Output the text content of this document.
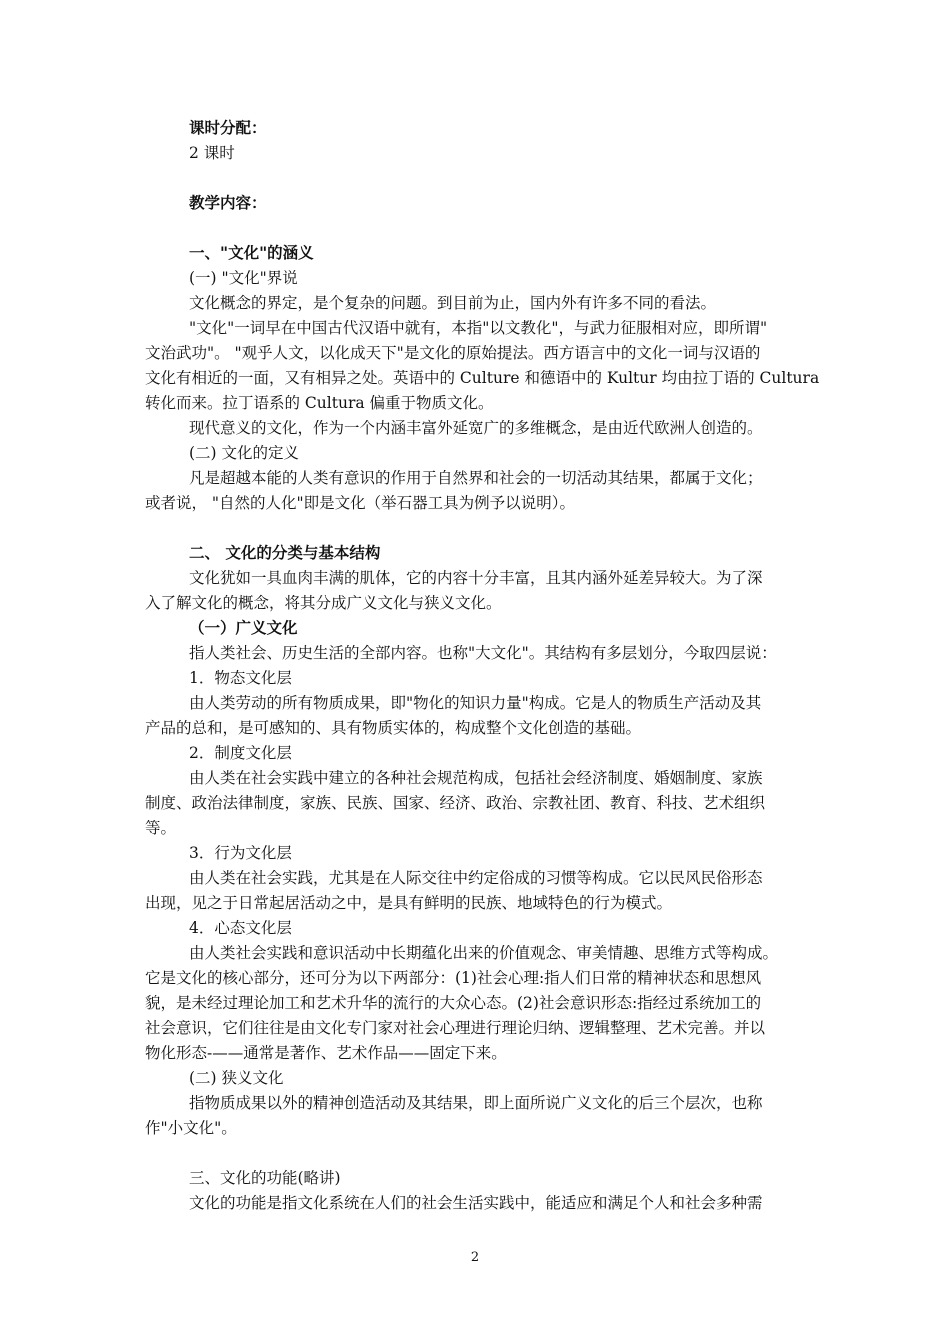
课时分配：
2 课时
教学内容：
一、"文化"的涵义
(一) "文化"界说
文化概念的界定，是个复杂的问题。到目前为止，国内外有许多不同的看法。
"文化"一词早在中国古代汉语中就有，本指"以文教化"，与武力征服相对应，即所谓"
文治武功"。 "观乎人文，以化成天下"是文化的原始提法。西方语言中的文化一词与汉语的
文化有相近的一面，又有相异之处。英语中的 Culture 和德语中的 Kultur 均由拉丁语的 Cultura
转化而来。拉丁语系的 Cultura 偏重于物质文化。
现代意义的文化，作为一个内涵丰富外延宽广的多维概念，是由近代欧洲人创造的。
(二) 文化的定义
凡是超越本能的人类有意识的作用于自然界和社会的一切活动其结果，都属于文化；
或者说， "自然的人化"即是文化（举石器工具为例予以说明）。
二、 文化的分类与基本结构
文化犹如一具血肉丰满的肌体，它的内容十分丰富，且其内涵外延差异较大。为了深
入了解文化的概念，将其分成广义文化与狭义文化。
（一）广义文化
指人类社会、历史生活的全部内容。也称"大文化"。其结构有多层划分，今取四层说：
1．物态文化层
由人类劳动的所有物质成果，即"物化的知识力量"构成。它是人的物质生产活动及其
产品的总和，是可感知的、具有物质实体的，构成整个文化创造的基础。
2．制度文化层
由人类在社会实践中建立的各种社会规范构成，包括社会经济制度、婚姻制度、家族
制度、政治法律制度，家族、民族、国家、经济、政治、宗教社团、教育、科技、艺术组织
等。
3．行为文化层
由人类在社会实践，尤其是在人际交往中约定俗成的习惯等构成。它以民风民俗形态
出现，见之于日常起居活动之中，是具有鲜明的民族、地域特色的行为模式。
4．心态文化层
由人类社会实践和意识活动中长期蕴化出来的价值观念、审美情趣、思维方式等构成。
它是文化的核心部分，还可分为以下两部分：(1)社会心理:指人们日常的精神状态和思想风
貌，是未经过理论加工和艺术升华的流行的大众心态。(2)社会意识形态:指经过系统加工的
社会意识，它们往往是由文化专门家对社会心理进行理论归纳、逻辑整理、艺术完善。并以
物化形态-——通常是著作、艺术作品——固定下来。
(二) 狭义文化
指物质成果以外的精神创造活动及其结果，即上面所说广义文化的后三个层次，也称
作"小文化"。
三、文化的功能(略讲)
文化的功能是指文化系统在人们的社会生活实践中，能适应和满足个人和社会多种需
2
